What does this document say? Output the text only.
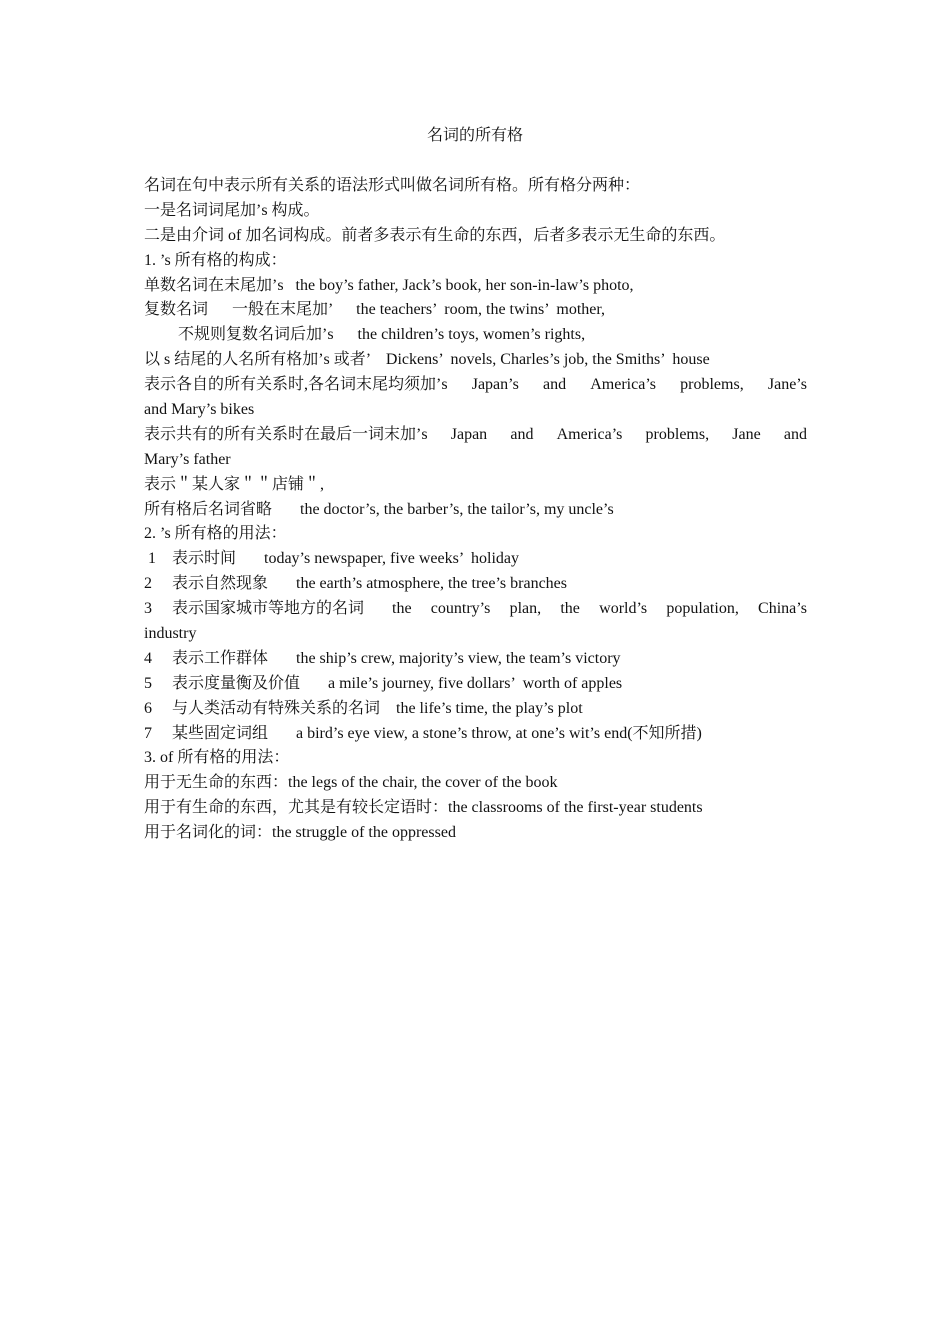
名词的所有格
名词在句中表示所有关系的语法形式叫做名词所有格。所有格分两种：
一是名词词尾加’s 构成。
二是由介词 of 加名词构成。前者多表示有生命的东西，后者多表示无生命的东西。
1. ’s 所有格的构成：
单数名词在末尾加’s   the boy’s father, Jack’s book, her son-in-law’s photo,
复数名词      一般在末尾加’      the teachers’  room, the twins’  mother,
不规则复数名词后加’s      the children’s toys, women’s rights,
以 s 结尾的人名所有格加’s 或者’    Dickens’  novels, Charles’s job, the Smiths’  house
表示各自的所有关系时,各名词末尾均须加’s Japan’s and America’s problems, Jane’s
and Mary’s bikes
表示共有的所有关系时在最后一词末加’s Japan and America’s problems, Jane and
Mary’s father
表示＂某人家＂＂店铺＂,
所有格后名词省略       the doctor’s, the barber’s, the tailor’s, my uncle’s
2. ’s 所有格的用法：
1    表示时间       today’s newspaper, five weeks’  holiday
2     表示自然现象       the earth’s atmosphere, the tree’s branches
3     表示国家城市等地方的名词       the country’s plan, the world’s population, China’s
industry
4     表示工作群体       the ship’s crew, majority’s view, the team’s victory
5     表示度量衡及价值       a mile’s journey, five dollars’  worth of apples
6     与人类活动有特殊关系的名词    the life’s time, the play’s plot
7     某些固定词组       a bird’s eye view, a stone’s throw, at one’s wit’s end(不知所措)
3. of 所有格的用法：
用于无生命的东西：the legs of the chair, the cover of the book
用于有生命的东西，尤其是有较长定语时：the classrooms of the first-year students
用于名词化的词：the struggle of the oppressed
